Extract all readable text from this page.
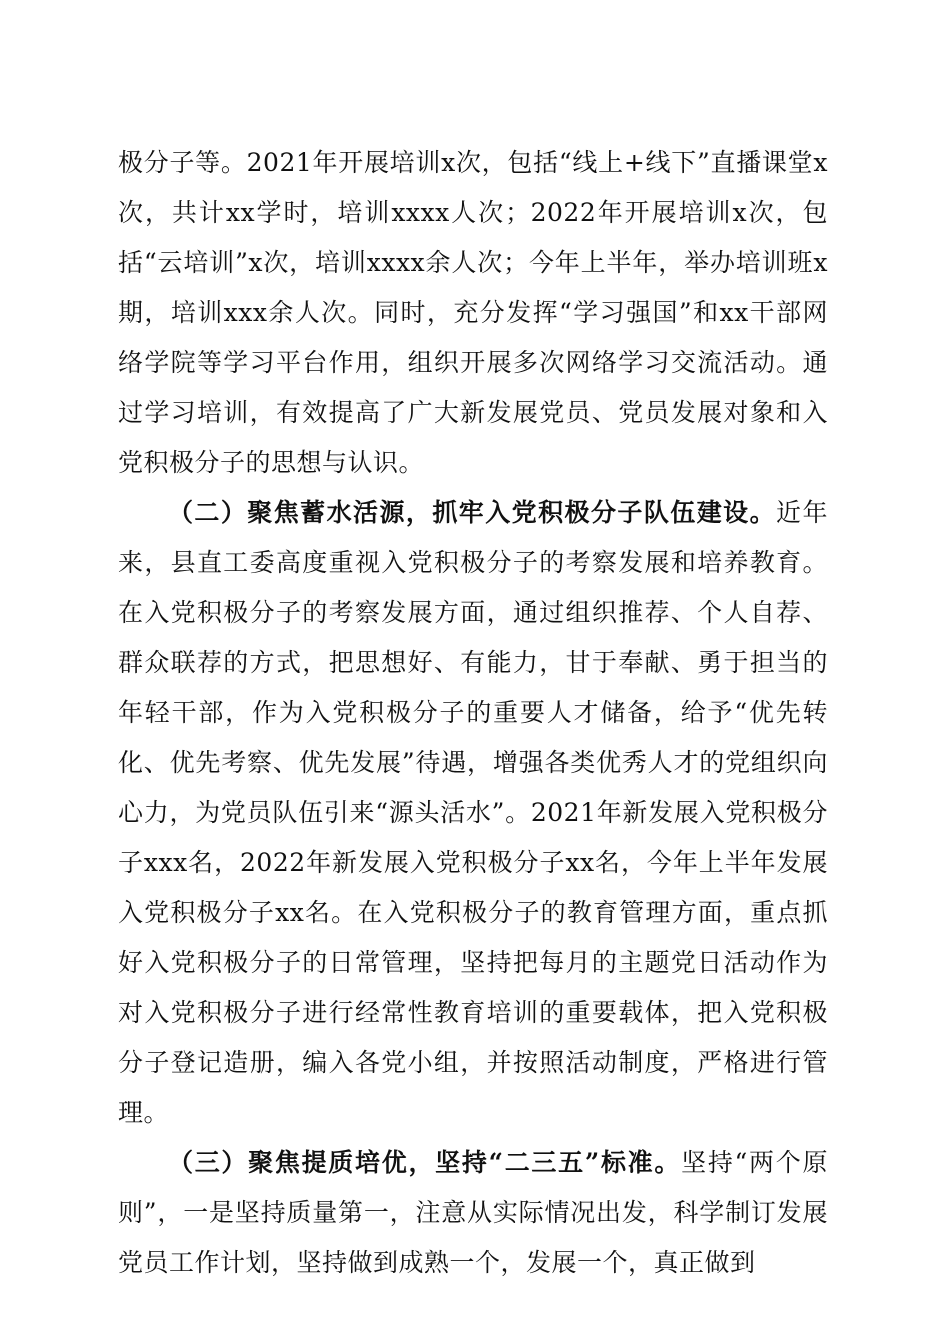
极分子等。2021年开展培训x次，包括“线上+线下”直播课堂x次，共计xx学时，培训xxxx人次；2022年开展培训x次，包括“云培训”x次，培训xxxx余人次；今年上半年，举办培训班x期，培训xxx余人次。同时，充分发挥“学习强国”和xx干部网络学院等学习平台作用，组织开展多次网络学习交流活动。通过学习培训，有效提高了广大新发展党员、党员发展对象和入党积极分子的思想与认识。

（二）聚焦蓄水活源，抓牢入党积极分子队伍建设。近年来，县直工委高度重视入党积极分子的考察发展和培养教育。在入党积极分子的考察发展方面，通过组织推荐、个人自荐、群众联荐的方式，把思想好、有能力，甘于奉献、勇于担当的年轻干部，作为入党积极分子的重要人才储备，给予“优先转化、优先考察、优先发展”待遇，增强各类优秀人才的党组织向心力，为党员队伍引来“源头活水”。2021年新发展入党积极分子xxx名，2022年新发展入党积极分子xx名，今年上半年发展入党积极分子xx名。在入党积极分子的教育管理方面，重点抓好入党积极分子的日常管理，坚持把每月的主题党日活动作为对入党积极分子进行经常性教育培训的重要载体，把入党积极分子登记造册，编入各党小组，并按照活动制度，严格进行管理。

（三）聚焦提质培优，坚持“二三五”标准。坚持“两个原则”，一是坚持质量第一，注意从实际情况出发，科学制订发展党员工作计划，坚持做到成熟一个，发展一个，真正做到
